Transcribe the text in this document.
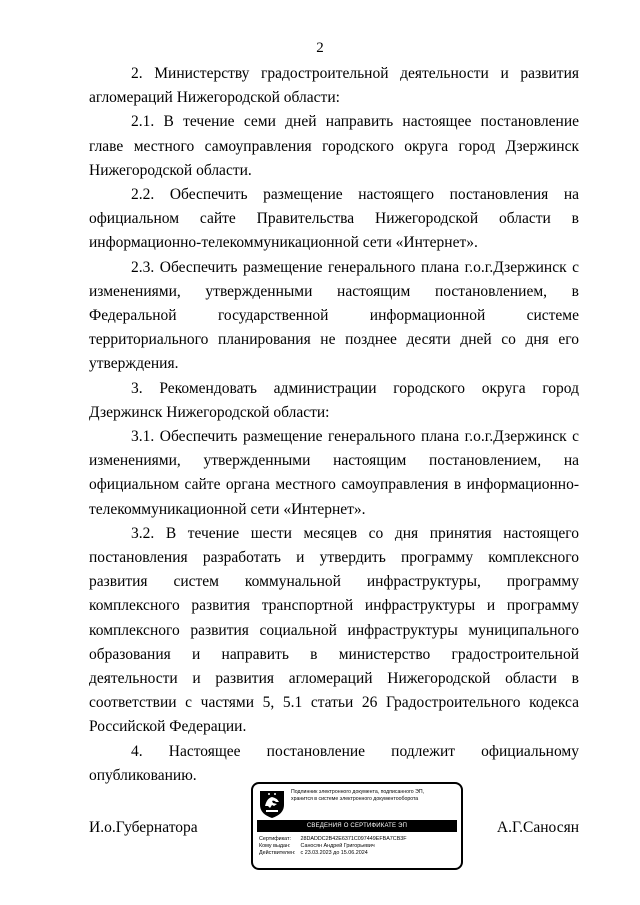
2

2. Министерству градостроительной деятельности и развития агломераций Нижегородской области:

2.1. В течение семи дней направить настоящее постановление главе местного самоуправления городского округа город Дзержинск Нижегородской области.

2.2. Обеспечить размещение настоящего постановления на официальном сайте Правительства Нижегородской области в информационно-телекоммуникационной сети «Интернет».

2.3. Обеспечить размещение генерального плана г.о.г.Дзержинск с изменениями, утвержденными настоящим постановлением, в Федеральной государственной информационной системе территориального планирования не позднее десяти дней со дня его утверждения.

3. Рекомендовать администрации городского округа город Дзержинск Нижегородской области:

3.1. Обеспечить размещение генерального плана г.о.г.Дзержинск с изменениями, утвержденными настоящим постановлением, на официальном сайте органа местного самоуправления в информационно-телекоммуникационной сети «Интернет».

3.2. В течение шести месяцев со дня принятия настоящего постановления разработать и утвердить программу комплексного развития систем коммунальной инфраструктуры, программу комплексного развития транспортной инфраструктуры и программу комплексного развития социальной инфраструктуры муниципального образования и направить в министерство градостроительной деятельности и развития агломераций Нижегородской области в соответствии с частями 5, 5.1 статьи 26 Градостроительного кодекса Российской Федерации.

4. Настоящее постановление подлежит официальному опубликованию.

И.о.Губернатора	А.Г.Саносян
Подлинник электронного документа, подписанного ЭП,
хранится в системе электронного документооборота
СВЕДЕНИЯ О СЕРТИФИКАТЕ ЭП
Сертификат: 28DADDC2B42E6371C097449EFBA7CB3F
Кому выдан: Саносян Андрей Григорьевич
Действителен: с 23.03.2023 до 15.06.2024
